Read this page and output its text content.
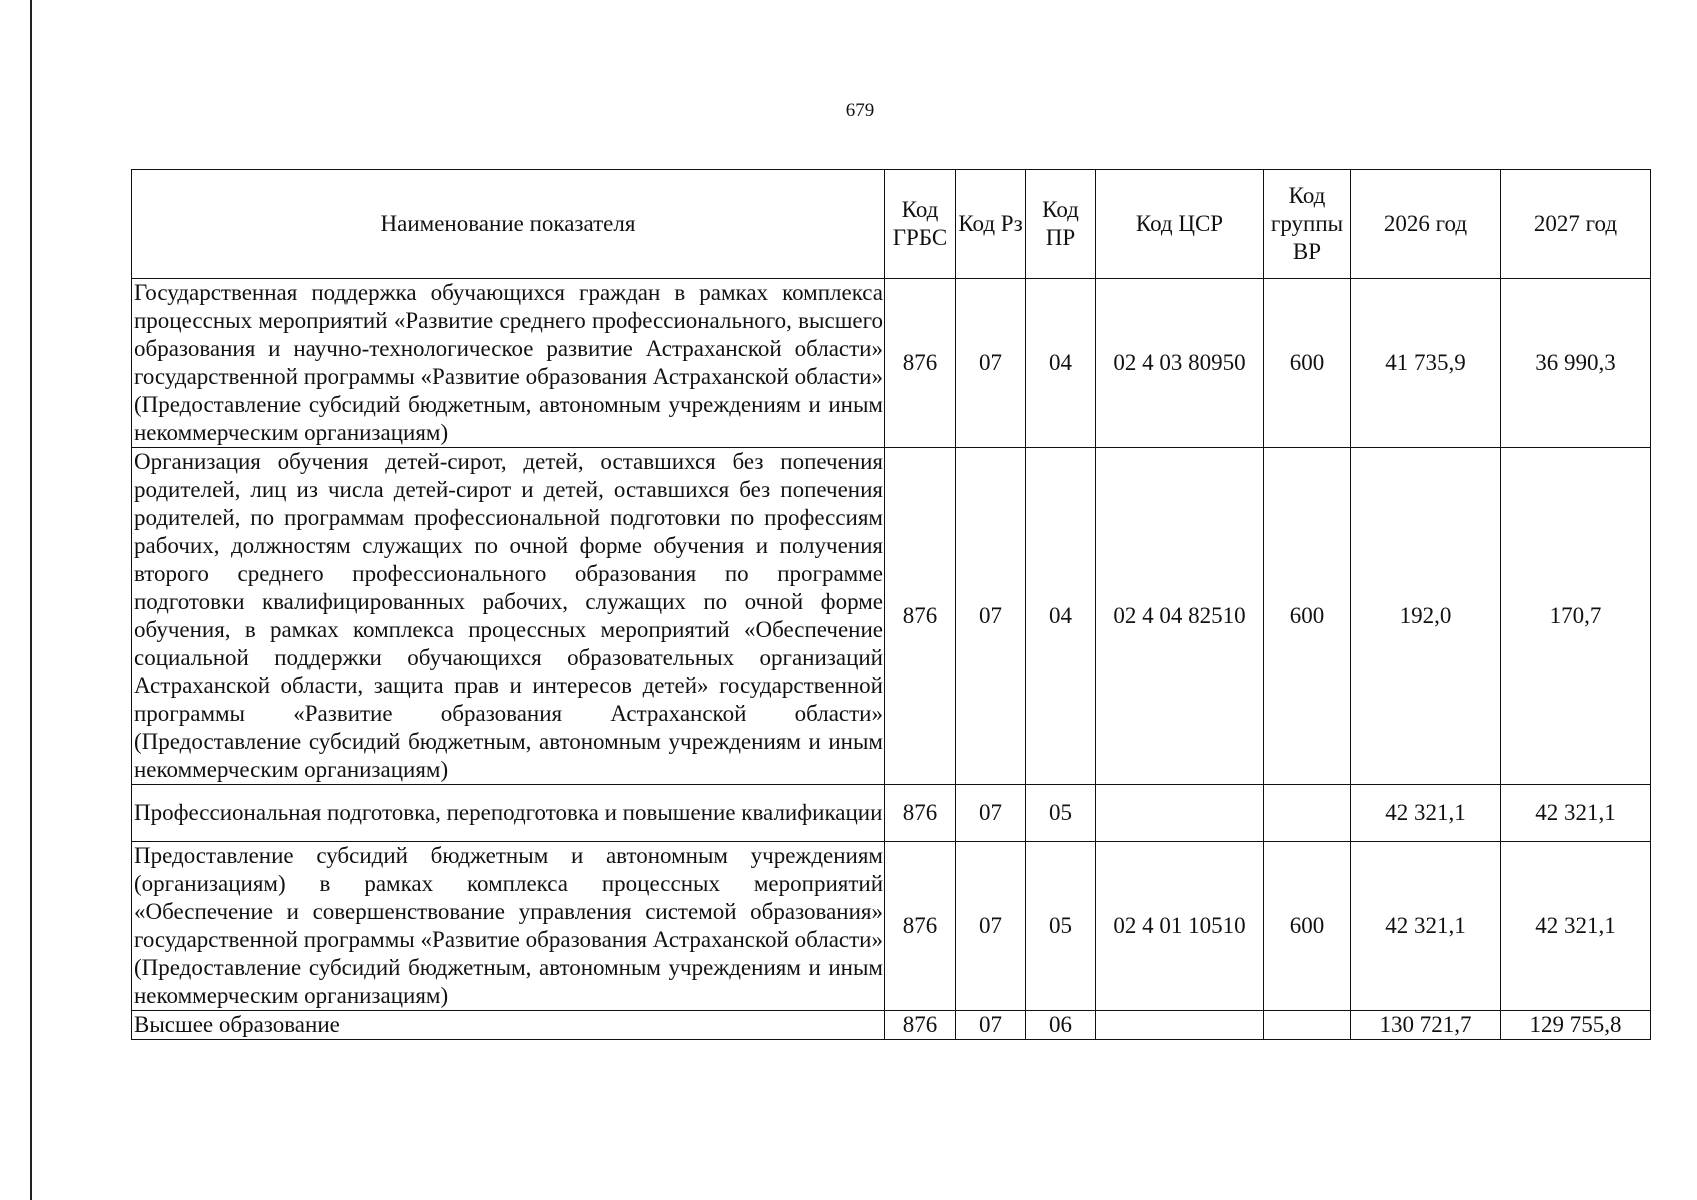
679
Наименование показателя	Код ГРБС	Код Рз	Код ПР	Код ЦСР	Код группы ВР	2026 год	2027 год
Государственная поддержка обучающихся граждан в рамках комплекса процессных мероприятий «Развитие среднего профессионального, высшего образования и научно-технологическое развитие Астраханской области» государственной программы «Развитие образования Астраханской области» (Предоставление субсидий бюджетным, автономным учреждениям и иным некоммерческим организациям)	876	07	04	02 4 03 80950	600	41 735,9	36 990,3
Организация обучения детей-сирот, детей, оставшихся без попечения родителей, лиц из числа детей-сирот и детей, оставшихся без попечения родителей, по программам профессиональной подготовки по профессиям рабочих, должностям служащих по очной форме обучения и получения второго среднего профессионального образования по программе подготовки квалифицированных рабочих, служащих по очной форме обучения, в рамках комплекса процессных мероприятий «Обеспечение социальной поддержки обучающихся образовательных организаций Астраханской области, защита прав и интересов детей» государственной программы «Развитие образования Астраханской области» (Предоставление субсидий бюджетным, автономным учреждениям и иным некоммерческим организациям)	876	07	04	02 4 04 82510	600	192,0	170,7
Профессиональная подготовка, переподготовка и повышение квалификации	876	07	05			42 321,1	42 321,1
Предоставление субсидий бюджетным и автономным учреждениям (организациям) в рамках комплекса процессных мероприятий «Обеспечение и совершенствование управления системой образования» государственной программы «Развитие образования Астраханской области» (Предоставление субсидий бюджетным, автономным учреждениям и иным некоммерческим организациям)	876	07	05	02 4 01 10510	600	42 321,1	42 321,1
Высшее образование	876	07	06			130 721,7	129 755,8
